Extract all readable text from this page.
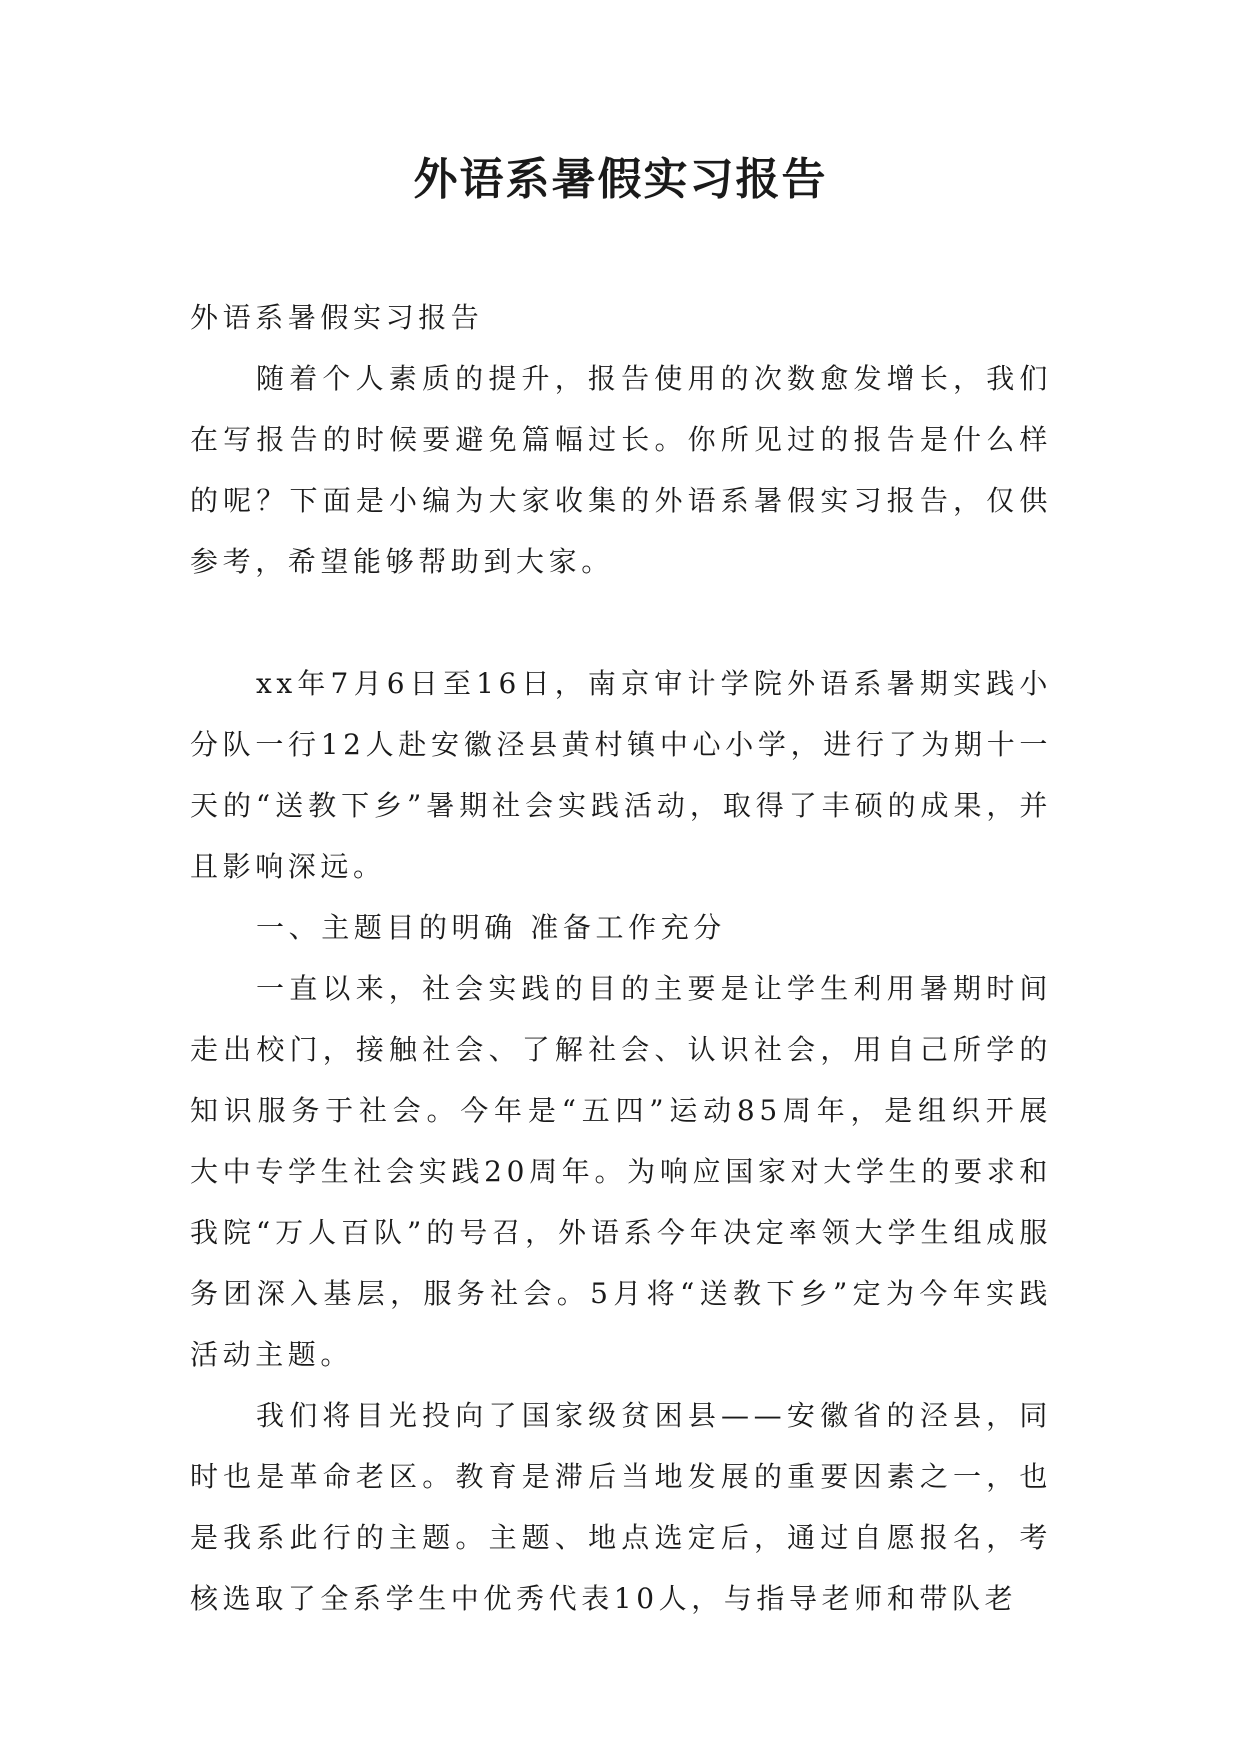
外语系暑假实习报告

外语系暑假实习报告

随着个人素质的提升，报告使用的次数愈发增长，我们在写报告的时候要避免篇幅过长。你所见过的报告是什么样的呢？下面是小编为大家收集的外语系暑假实习报告，仅供参考，希望能够帮助到大家。

xx年7月6日至16日，南京审计学院外语系暑期实践小分队一行12人赴安徽泾县黄村镇中心小学，进行了为期十一天的“送教下乡”暑期社会实践活动，取得了丰硕的成果，并且影响深远。

一、主题目的明确 准备工作充分

一直以来，社会实践的目的主要是让学生利用暑期时间走出校门，接触社会、了解社会、认识社会，用自己所学的知识服务于社会。今年是“五四”运动85周年，是组织开展大中专学生社会实践20周年。为响应国家对大学生的要求和我院“万人百队”的号召，外语系今年决定率领大学生组成服务团深入基层，服务社会。5月将“送教下乡”定为今年实践活动主题。

我们将目光投向了国家级贫困县——安徽省的泾县，同时也是革命老区。教育是滞后当地发展的重要因素之一，也是我系此行的主题。主题、地点选定后，通过自愿报名，考核选取了全系学生中优秀代表10人，与指导老师和带队老
